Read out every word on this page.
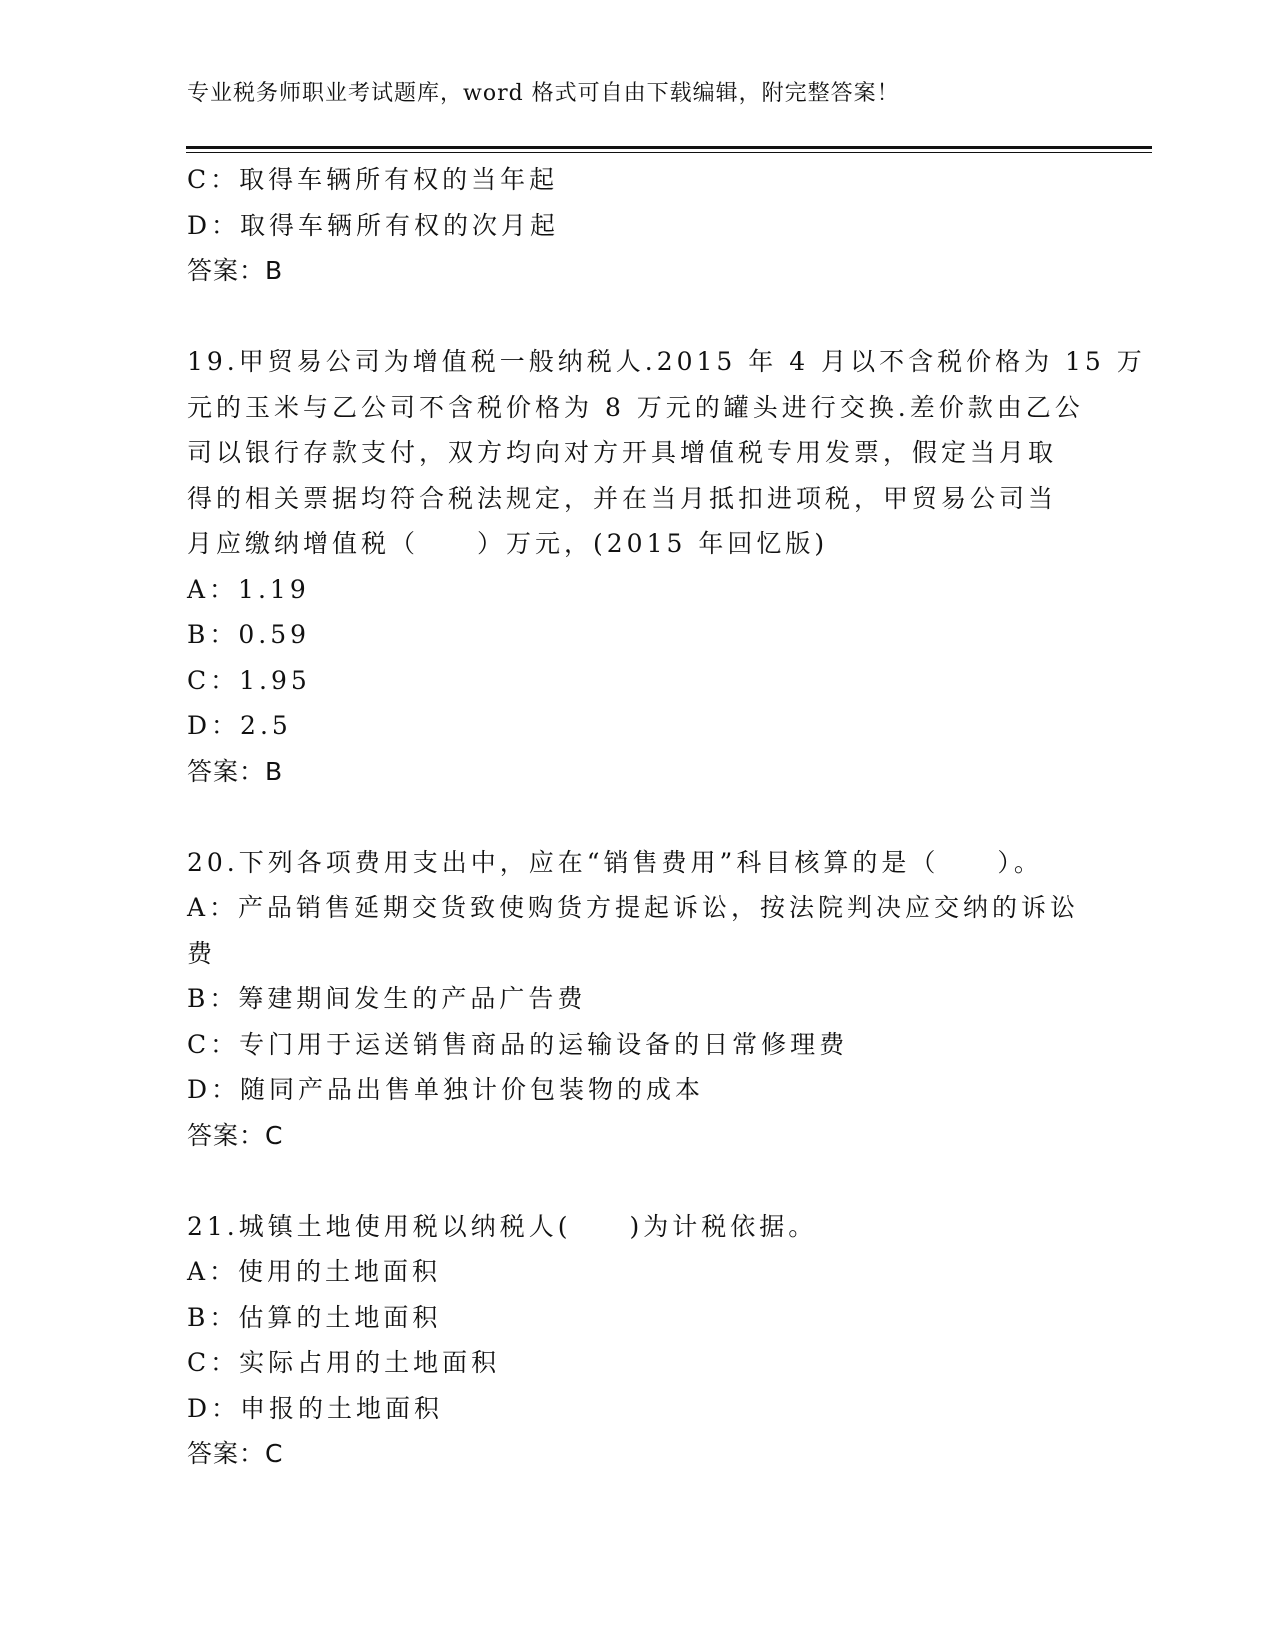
专业税务师职业考试题库，word 格式可自由下载编辑，附完整答案！

C：取得车辆所有权的当年起

D：取得车辆所有权的次月起

答案：B

19.甲贸易公司为增值税一般纳税人.2015 年 4 月以不含税价格为 15 万

元的玉米与乙公司不含税价格为 8 万元的罐头进行交换.差价款由乙公

司以银行存款支付，双方均向对方开具增值税专用发票，假定当月取

得的相关票据均符合税法规定，并在当月抵扣进项税，甲贸易公司当

月应缴纳增值税（　　）万元，(2015 年回忆版)

A：1.19

B：0.59

C：1.95

D：2.5

答案：B

20.下列各项费用支出中，应在“销售费用”科目核算的是（　　）。

A：产品销售延期交货致使购货方提起诉讼，按法院判决应交纳的诉讼

费

B：筹建期间发生的产品广告费

C：专门用于运送销售商品的运输设备的日常修理费

D：随同产品出售单独计价包装物的成本

答案：C

21.城镇土地使用税以纳税人(　　)为计税依据。

A：使用的土地面积

B：估算的土地面积

C：实际占用的土地面积

D：申报的土地面积

答案：C
